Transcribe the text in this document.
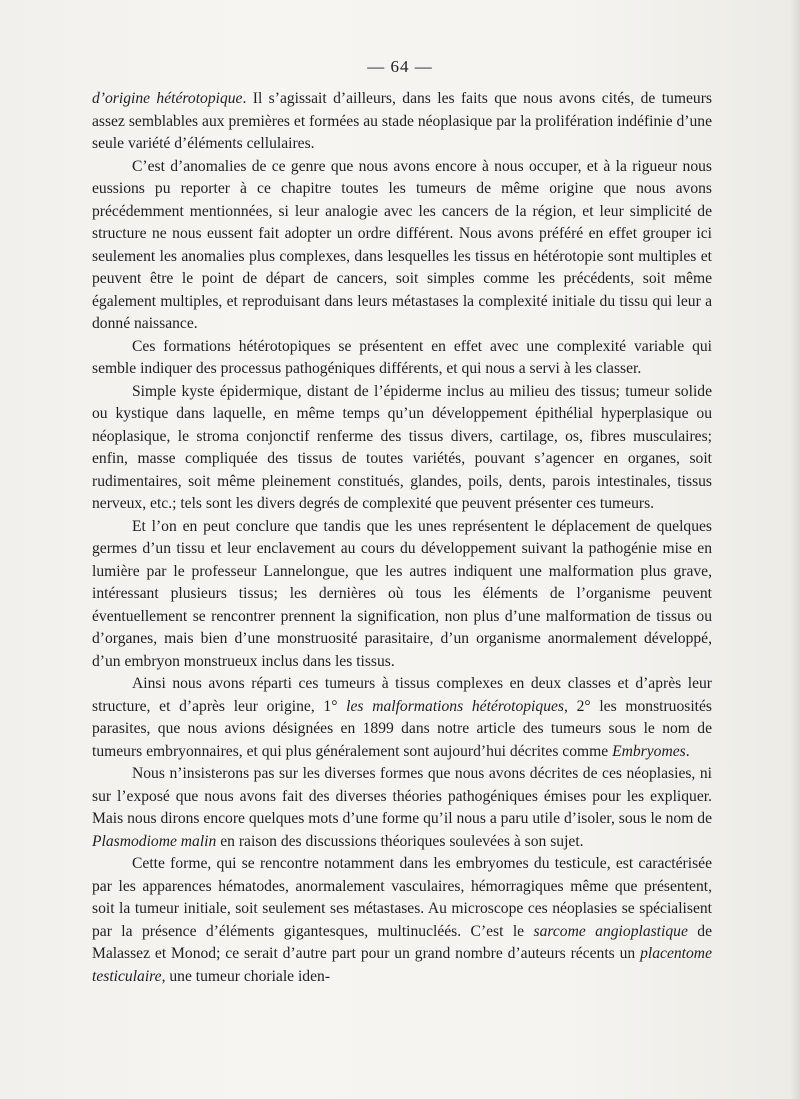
— 64 —

d’origine hétérotopique. Il s’agissait d’ailleurs, dans les faits que nous avons cités, de tumeurs assez semblables aux premières et formées au stade néoplasique par la prolifération indéfinie d’une seule variété d’éléments cellulaires.

C’est d’anomalies de ce genre que nous avons encore à nous occuper, et à la rigueur nous eussions pu reporter à ce chapitre toutes les tumeurs de même origine que nous avons précédemment mentionnées, si leur analogie avec les cancers de la région, et leur simplicité de structure ne nous eussent fait adopter un ordre différent. Nous avons préféré en effet grouper ici seulement les anomalies plus complexes, dans lesquelles les tissus en hétérotopie sont multiples et peuvent être le point de départ de cancers, soit simples comme les précédents, soit même également multiples, et reproduisant dans leurs métastases la complexité initiale du tissu qui leur a donné naissance.

Ces formations hétérotopiques se présentent en effet avec une complexité variable qui semble indiquer des processus pathogéniques différents, et qui nous a servi à les classer.

Simple kyste épidermique, distant de l’épiderme inclus au milieu des tissus; tumeur solide ou kystique dans laquelle, en même temps qu’un développement épithélial hyperplasique ou néoplasique, le stroma conjonctif renferme des tissus divers, cartilage, os, fibres musculaires; enfin, masse compliquée des tissus de toutes variétés, pouvant s’agencer en organes, soit rudimentaires, soit même pleinement constitués, glandes, poils, dents, parois intestinales, tissus nerveux, etc.; tels sont les divers degrés de complexité que peuvent présenter ces tumeurs.

Et l’on en peut conclure que tandis que les unes représentent le déplacement de quelques germes d’un tissu et leur enclavement au cours du développement suivant la pathogénie mise en lumière par le professeur Lannelongue, que les autres indiquent une malformation plus grave, intéressant plusieurs tissus; les dernières où tous les éléments de l’organisme peuvent éventuellement se rencontrer prennent la signification, non plus d’une malformation de tissus ou d’organes, mais bien d’une monstruosité parasitaire, d’un organisme anormalement développé, d’un embryon monstrueux inclus dans les tissus.

Ainsi nous avons réparti ces tumeurs à tissus complexes en deux classes et d’après leur structure, et d’après leur origine, 1° les malformations hétérotopiques, 2° les monstruosités parasites, que nous avions désignées en 1899 dans notre article des tumeurs sous le nom de tumeurs embryonnaires, et qui plus généralement sont aujourd’hui décrites comme Embryomes.

Nous n’insisterons pas sur les diverses formes que nous avons décrites de ces néoplasies, ni sur l’exposé que nous avons fait des diverses théories pathogéniques émises pour les expliquer. Mais nous dirons encore quelques mots d’une forme qu’il nous a paru utile d’isoler, sous le nom de Plasmodiome malin en raison des discussions théoriques soulevées à son sujet.

Cette forme, qui se rencontre notamment dans les embryomes du testicule, est caractérisée par les apparences hématodes, anormalement vasculaires, hémorragiques même que présentent, soit la tumeur initiale, soit seulement ses métastases. Au microscope ces néoplasies se spécialisent par la présence d’éléments gigantesques, multinucléés. C’est le sarcome angioplastique de Malassez et Monod; ce serait d’autre part pour un grand nombre d’auteurs récents un placentome testiculaire, une tumeur choriale iden-
